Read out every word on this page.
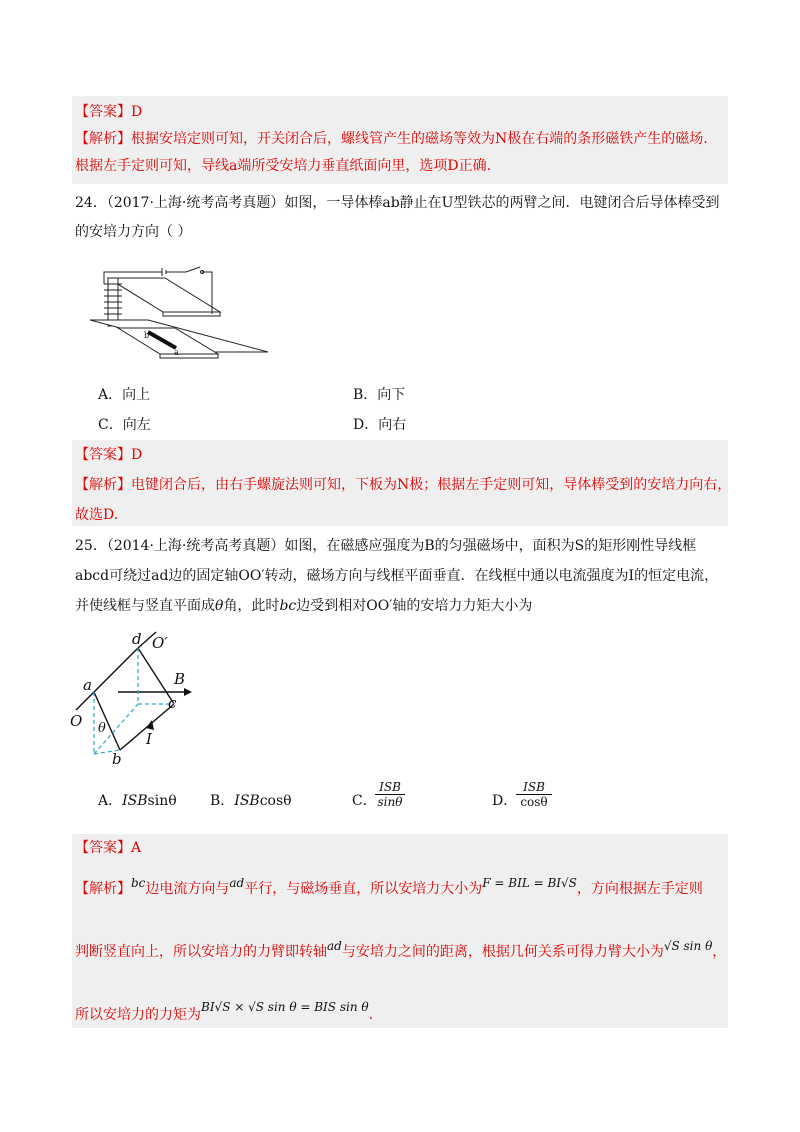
【答案】D
【解析】根据安培定则可知，开关闭合后，螺线管产生的磁场等效为N极在右端的条形磁铁产生的磁场.
根据左手定则可知，导线a端所受安培力垂直纸面向里，选项D正确.
24．（2017·上海·统考高考真题）如图，一导体棒ab静止在U型铁芯的两臂之间．电键闭合后导体棒受到
的安培力方向（ ）
b
a
A．向上	B．向下
C．向左	D．向右
【答案】D
【解析】电键闭合后，由右手螺旋法则可知，下板为N极；根据左手定则可知，导体棒受到的安培力向右，
故选D.
25．（2014·上海·统考高考真题）如图，在磁感应强度为B的匀强磁场中，面积为S的矩形刚性导线框
abcd可绕过ad边的固定轴OO′转动，磁场方向与线框平面垂直．在线框中通以电流强度为I的恒定电流，
并使线框与竖直平面成θ角，此时bc边受到相对OO′轴的安培力力矩大小为
d O′
a	B
c
O θ
I
b
A．ISBsinθ B．ISBcosθ	C．
ISB
sinθ	D．
ISB
cosθ
【答案】A
【解析】bc边电流方向与ad平行，与磁场垂直，所以安培力大小为F = BIL = BI√S，方向根据左手定则
判断竖直向上，所以安培力的力臂即转轴ad与安培力之间的距离，根据几何关系可得力臂大小为√S sin θ，
所以安培力的力矩为BI√S × √S sin θ = BIS sin θ.
